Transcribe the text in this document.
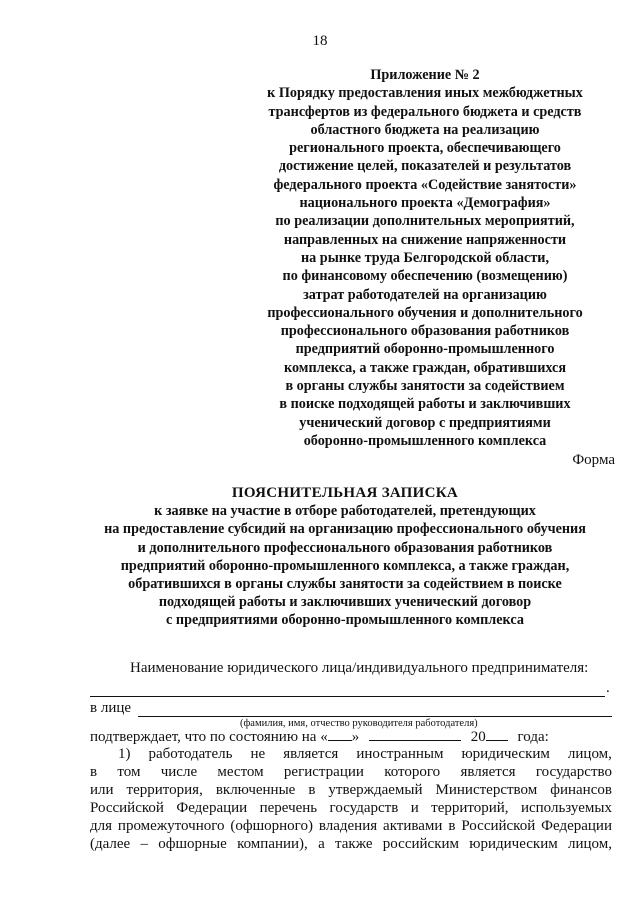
18
Приложение № 2
к Порядку предоставления иных межбюджетных
трансфертов из федерального бюджета и средств
областного бюджета на реализацию
регионального проекта, обеспечивающего
достижение целей, показателей и результатов
федерального проекта «Содействие занятости»
национального проекта «Демография»
по реализации дополнительных мероприятий,
направленных на снижение напряженности
на рынке труда Белгородской области,
по финансовому обеспечению (возмещению)
затрат работодателей на организацию
профессионального обучения и дополнительного
профессионального образования работников
предприятий оборонно-промышленного
комплекса, а также граждан, обратившихся
в органы службы занятости за содействием
в поиске подходящей работы и заключивших
ученический договор с предприятиями
оборонно-промышленного комплекса
Форма
ПОЯСНИТЕЛЬНАЯ ЗАПИСКА
к заявке на участие в отборе работодателей, претендующих
на предоставление субсидий на организацию профессионального обучения
и дополнительного профессионального образования работников
предприятий оборонно-промышленного комплекса, а также граждан,
обратившихся в органы службы занятости за содействием в поиске
подходящей работы и заключивших ученический договор
с предприятиями оборонно-промышленного комплекса
Наименование юридического лица/индивидуального предпринимателя:
.
в лице
(фамилия, имя, отчество руководителя работодателя)
подтверждает, что по состоянию на « »	20 года:
1) работодатель не является иностранным юридическим лицом,
в том числе местом регистрации которого является государство
или территория, включенные в утверждаемый Министерством финансов
Российской Федерации перечень государств и территорий, используемых
для промежуточного (офшорного) владения активами в Российской Федерации
(далее – офшорные компании), а также российским юридическим лицом,
